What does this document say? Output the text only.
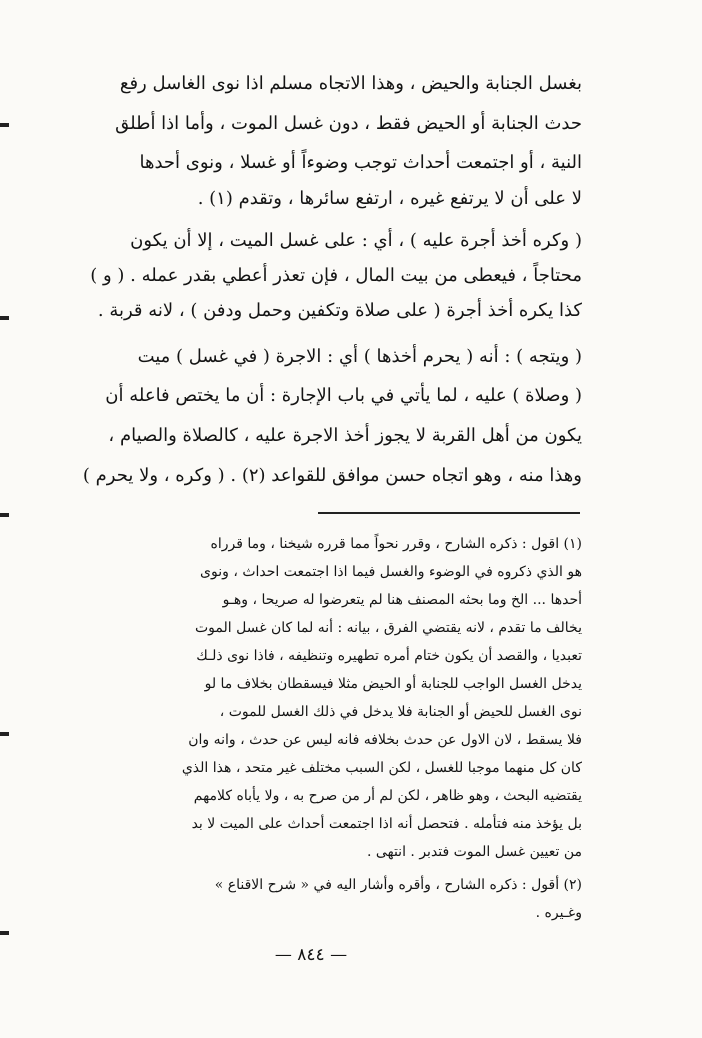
بغسل الجنابة والحيض ، وهذا الاتجاه مسلم اذا نوى الغاسل رفع
حدث الجنابة أو الحيض فقط ، دون غسل الموت ، وأما اذا أطلق
النية ، أو اجتمعت أحداث توجب وضوءاً أو غسلا ، ونوى أحدها
لا على أن لا يرتفع غيره ، ارتفع سائرها ، وتقدم (١) .
( وكره أخذ أجرة عليه ) ، أي : على غسل الميت ، إلا أن يكون
محتاجاً ، فيعطى من بيت المال ، فإن تعذر أعطي بقدر عمله . ( و )
كذا يكره أخذ أجرة ( على صلاة وتكفين وحمل ودفن ) ، لانه قربة .
( ويتجه ) : أنه ( يحرم أخذها ) أي : الاجرة ( في غسل ) ميت
( وصلاة ) عليه ، لما يأتي في باب الإجارة : أن ما يختص فاعله أن
يكون من أهل القربة لا يجوز أخذ الاجرة عليه ، كالصلاة والصيام ،
وهذا منه ، وهو اتجاه حسن موافق للقواعد (٢) . ( وكره ، ولا يحرم )
(١) اقول : ذكره الشارح ، وقرر نحواً مما قرره شيخنا ، وما قرراه
هو الذي ذكروه في الوضوء والغسل فيما اذا اجتمعت احداث ، ونوى
أحدها ... الخ وما بحثه المصنف هنا لم يتعرضوا له صريحا ، وهـو
يخالف ما تقدم ، لانه يقتضي الفرق ، بيانه : أنه لما كان غسل الموت
تعبديا ، والقصد أن يكون ختام أمره تطهيره وتنظيفه ، فاذا نوى ذلـك
يدخل الغسل الواجب للجنابة أو الحيض مثلا فيسقطان بخلاف ما لو
نوى الغسل للحيض أو الجنابة فلا يدخل في ذلك الغسل للموت ،
فلا يسقط ، لان الاول عن حدث بخلافه فانه ليس عن حدث ، وانه وان
كان كل منهما موجبا للغسل ، لكن السبب مختلف غير متحد ، هذا الذي
يقتضيه البحث ، وهو ظاهر ، لكن لم أر من صرح به ، ولا يأباه كلامهم
بل يؤخذ منه فتأمله . فتحصل أنه اذا اجتمعت أحداث على الميت لا بد
من تعيين غسل الموت فتدبر . انتهى .
(٢) أقول : ذكره الشارح ، وأقره وأشار اليه في « شرح الاقناع »
وغـيره .
— ٨٤٤ —
